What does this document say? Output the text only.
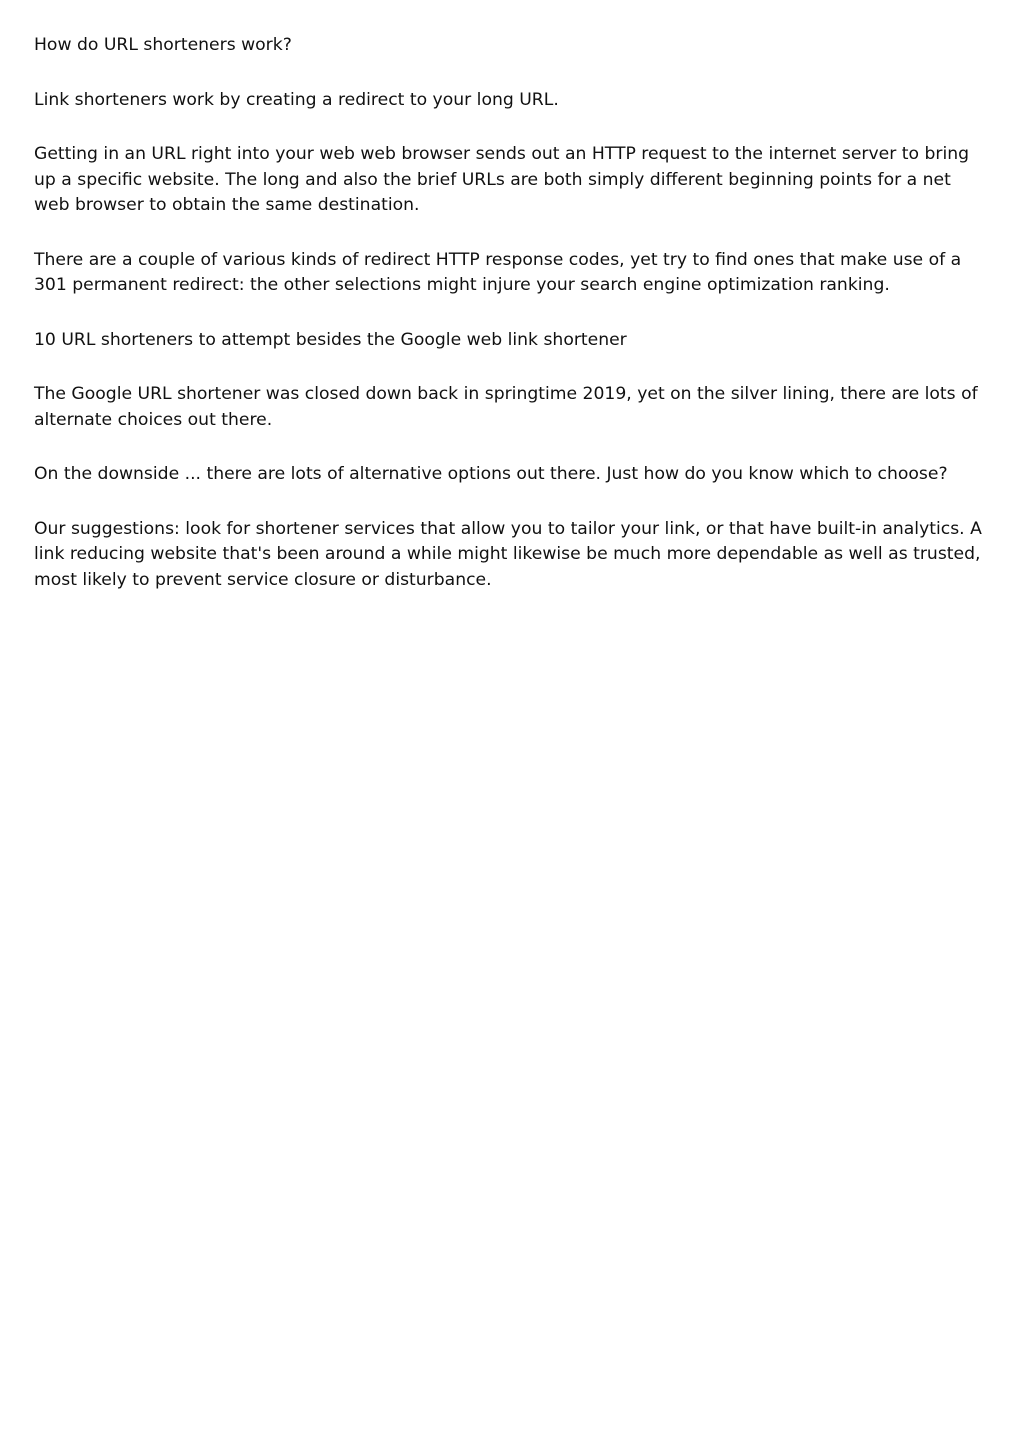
How do URL shorteners work?

Link shorteners work by creating a redirect to your long URL.

Getting in an URL right into your web web browser sends out an HTTP request to the internet server to bring up a specific website. The long and also the brief URLs are both simply different beginning points for a net web browser to obtain the same destination.

There are a couple of various kinds of redirect HTTP response codes, yet try to find ones that make use of a 301 permanent redirect: the other selections might injure your search engine optimization ranking.

10 URL shorteners to attempt besides the Google web link shortener

The Google URL shortener was closed down back in springtime 2019, yet on the silver lining, there are lots of alternate choices out there.

On the downside ... there are lots of alternative options out there. Just how do you know which to choose?

Our suggestions: look for shortener services that allow you to tailor your link, or that have built-in analytics. A link reducing website that's been around a while might likewise be much more dependable as well as trusted, most likely to prevent service closure or disturbance.
